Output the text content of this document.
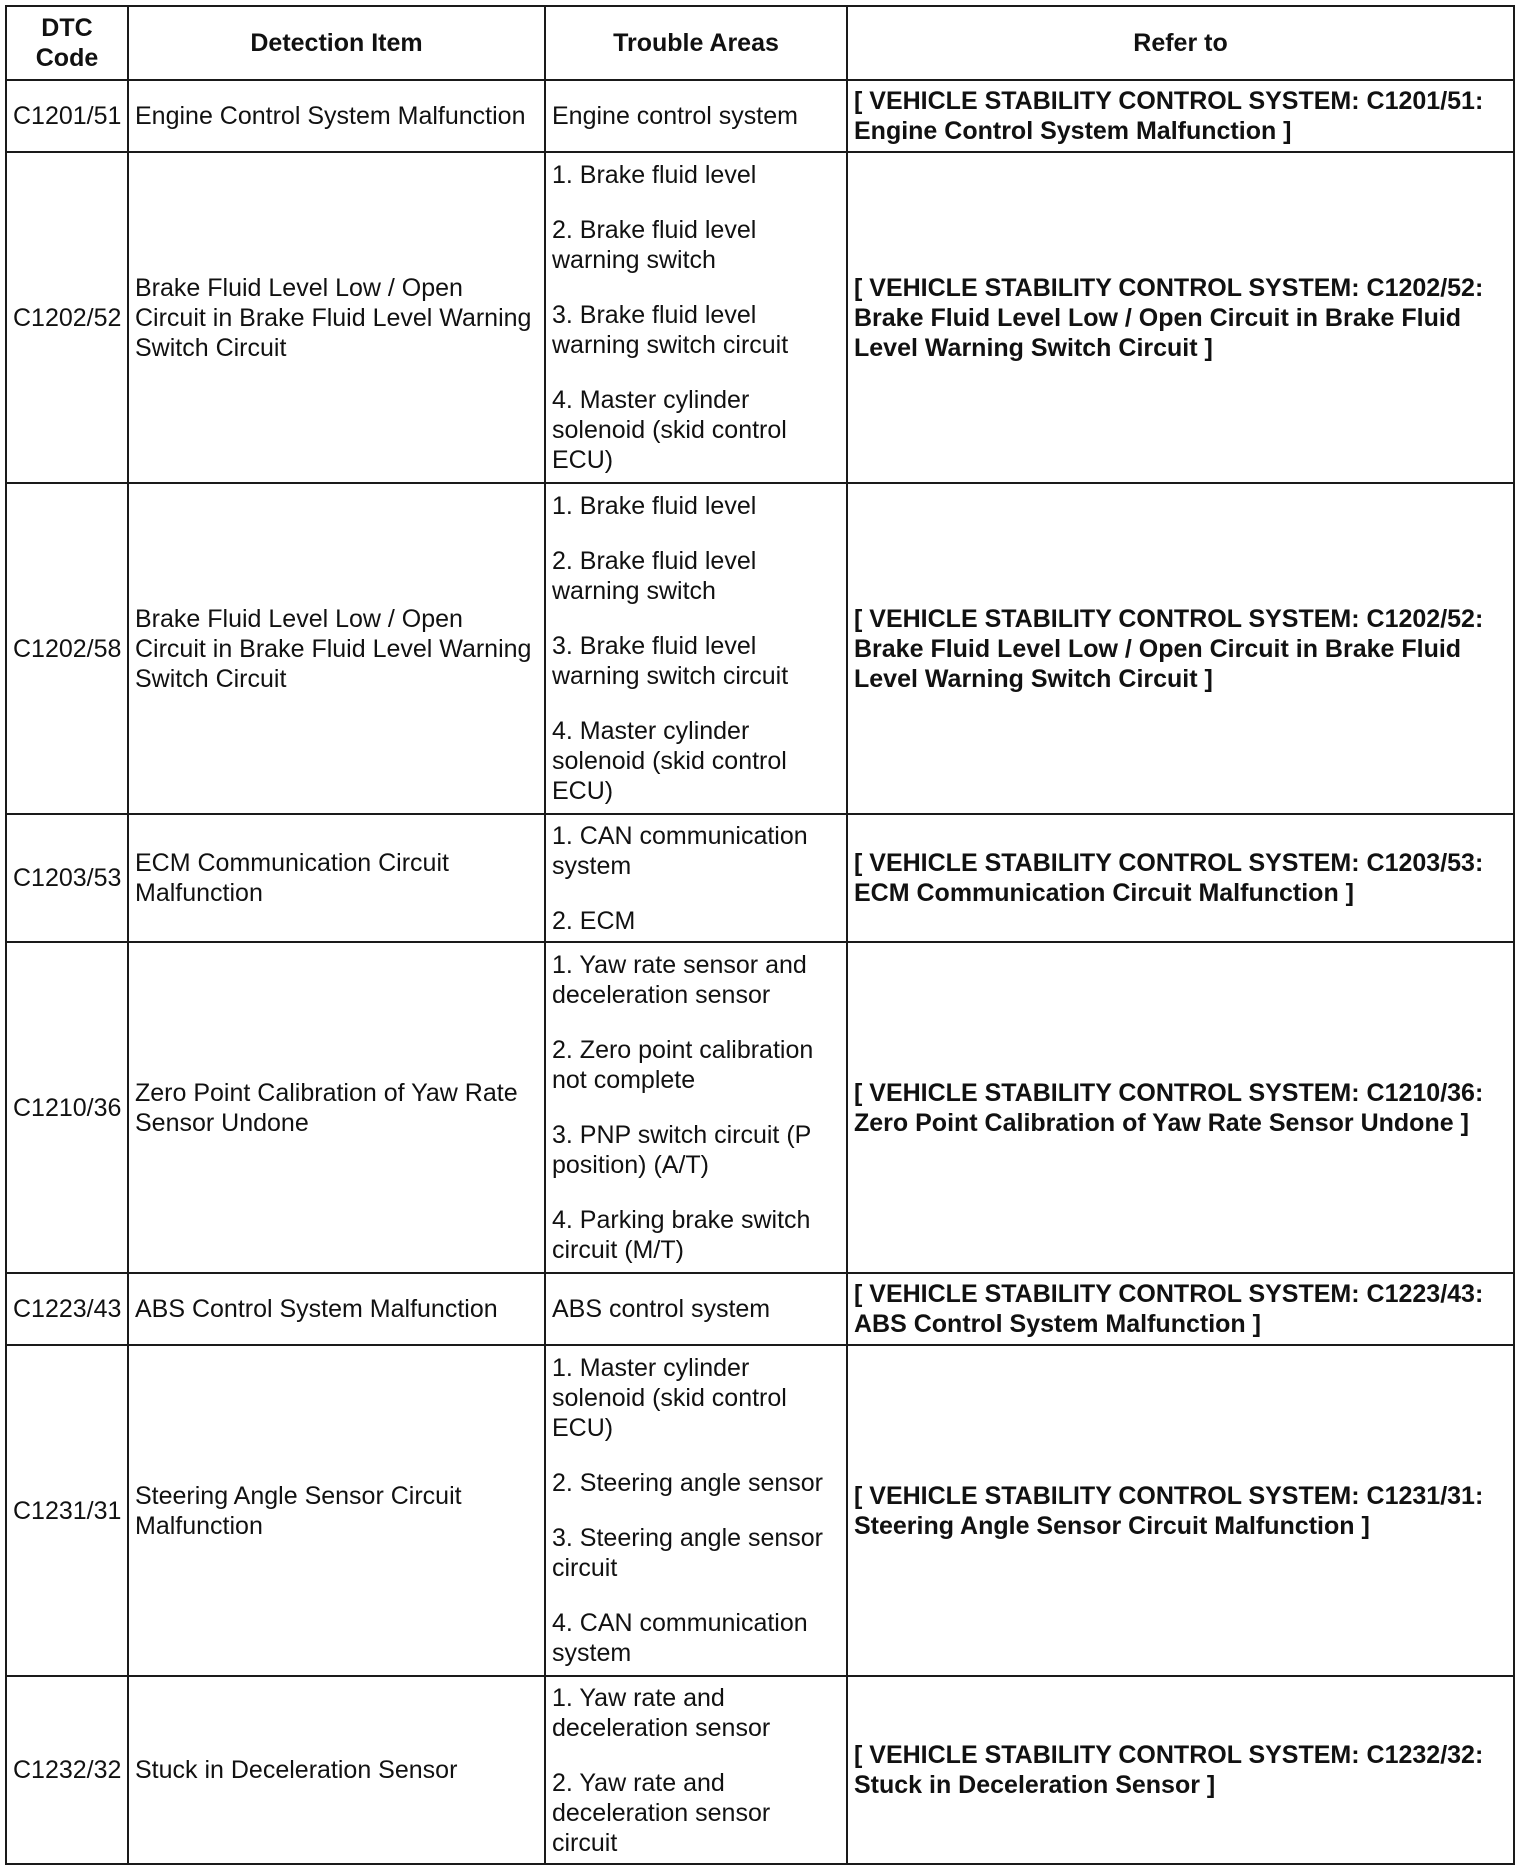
DTC Code	Detection Item	Trouble Areas	Refer to
C1201/51	Engine Control System Malfunction	Engine control system	[ VEHICLE STABILITY CONTROL SYSTEM: C1201/51: Engine Control System Malfunction ]
C1202/52	Brake Fluid Level Low / Open Circuit in Brake Fluid Level Warning Switch Circuit	1. Brake fluid level
2. Brake fluid level warning switch
3. Brake fluid level warning switch circuit
4. Master cylinder solenoid (skid control ECU)	[ VEHICLE STABILITY CONTROL SYSTEM: C1202/52: Brake Fluid Level Low / Open Circuit in Brake Fluid Level Warning Switch Circuit ]
C1202/58	Brake Fluid Level Low / Open Circuit in Brake Fluid Level Warning Switch Circuit	1. Brake fluid level
2. Brake fluid level warning switch
3. Brake fluid level warning switch circuit
4. Master cylinder solenoid (skid control ECU)	[ VEHICLE STABILITY CONTROL SYSTEM: C1202/52: Brake Fluid Level Low / Open Circuit in Brake Fluid Level Warning Switch Circuit ]
C1203/53	ECM Communication Circuit Malfunction	1. CAN communication system
2. ECM	[ VEHICLE STABILITY CONTROL SYSTEM: C1203/53: ECM Communication Circuit Malfunction ]
C1210/36	Zero Point Calibration of Yaw Rate Sensor Undone	1. Yaw rate sensor and deceleration sensor
2. Zero point calibration not complete
3. PNP switch circuit (P position) (A/T)
4. Parking brake switch circuit (M/T)	[ VEHICLE STABILITY CONTROL SYSTEM: C1210/36: Zero Point Calibration of Yaw Rate Sensor Undone ]
C1223/43	ABS Control System Malfunction	ABS control system	[ VEHICLE STABILITY CONTROL SYSTEM: C1223/43: ABS Control System Malfunction ]
C1231/31	Steering Angle Sensor Circuit Malfunction	1. Master cylinder solenoid (skid control ECU)
2. Steering angle sensor
3. Steering angle sensor circuit
4. CAN communication system	[ VEHICLE STABILITY CONTROL SYSTEM: C1231/31: Steering Angle Sensor Circuit Malfunction ]
C1232/32	Stuck in Deceleration Sensor	1. Yaw rate and deceleration sensor
2. Yaw rate and deceleration sensor circuit	[ VEHICLE STABILITY CONTROL SYSTEM: C1232/32: Stuck in Deceleration Sensor ]
